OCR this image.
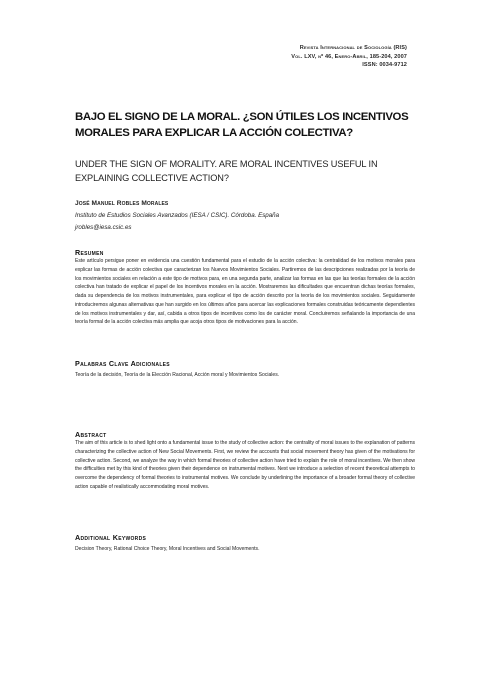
Revista Internacional de Sociología (RIS)
Vol. LXV, nº 46, Enero-Abril, 185-204, 2007
ISSN: 0034-9712
BAJO EL SIGNO DE LA MORAL. ¿SON ÚTILES LOS INCENTIVOS MORALES PARA EXPLICAR LA ACCIÓN COLECTIVA?
UNDER THE SIGN OF MORALITY. ARE MORAL INCENTIVES USEFUL IN EXPLAINING COLLECTIVE ACTION?
José Manuel Robles Morales
Instituto de Estudios Sociales Avanzados (IESA / CSIC). Córdoba. España
jrobles@iesa.csic.es
Resumen
Este artículo persigue poner en evidencia una cuestión fundamental para el estudio de la acción colectiva: la centralidad de los motivos morales para explicar las formas de acción colectiva que caracterizan los Nuevos Movimientos Sociales. Partiremos de las descripciones realizadas por la teoría de los movimientos sociales en relación a este tipo de motivos para, en una segunda parte, analizar las formas en las que las teorías formales de la acción colectiva han tratado de explicar el papel de los incentivos morales en la acción. Mostraremos las dificultades que encuentran dichas teorías formales, dada su dependencia de los motivos instrumentales, para explicar el tipo de acción descrito por la teoría de los movimientos sociales. Seguidamente introduciremos algunas alternativas que han surgido en los últimos años para acercar las explicaciones formales construidas teóricamente dependientes de los motivos instrumentales y dar, así, cabida a otros tipos de incentivos como los de carácter moral. Concluiremos señalando la importancia de una teoría formal de la acción colectiva más amplia que acoja otros tipos de motivaciones para la acción.
Palabras Clave Adicionales
Teoría de la decisión, Teoría de la Elección Racional, Acción moral y Movimientos Sociales.
Abstract
The aim of this article is to shed light onto a fundamental issue to the study of collective action: the centrality of moral issues to the explanation of patterns characterizing the collective action of New Social Movements. First, we review the accounts that social movement theory has given of the motivations for collective action. Second, we analyze the way in which formal theories of collective action have tried to explain the role of moral incentives. We then show the difficulties met by this kind of theories given their dependence on instrumental motives. Next we introduce a selection of recent theoretical attempts to overcome the dependency of formal theories to instrumental motives. We conclude by underlining the importance of a broader formal theory of collective action capable of realistically accommodating moral motives.
Additional Keywords
Decision Theory, Rational Choice Theory, Moral Incentives and Social Movements.
